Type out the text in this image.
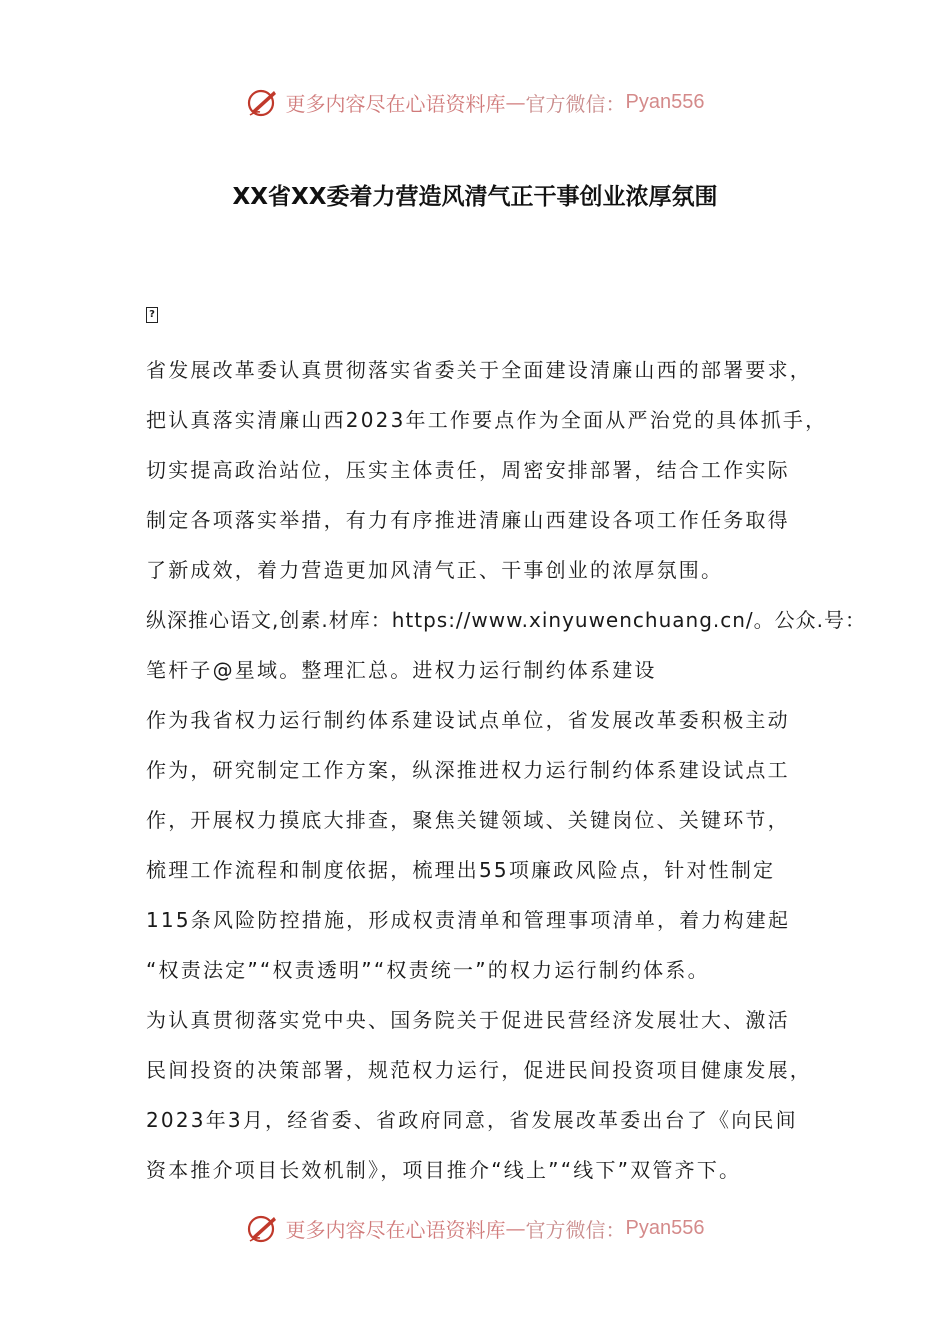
更多内容尽在心语资料库 — 官方微信： Pyan556
XX省XX委着力营造风清气正干事创业浓厚氛围
?
省发展改革委认真贯彻落实省委关于全面建设清廉山西的部署要求，
把认真落实清廉山西2023年工作要点作为全面从严治党的具体抓手，
切实提高政治站位，压实主体责任，周密安排部署，结合工作实际
制定各项落实举措，有力有序推进清廉山西建设各项工作任务取得
了新成效，着力营造更加风清气正、干事创业的浓厚氛围。
纵深推心语文,创素.材库：https://www.xinyuwenchuang.cn/。公众.号：
笔杆子@星域。整理汇总。进权力运行制约体系建设
作为我省权力运行制约体系建设试点单位，省发展改革委积极主动
作为，研究制定工作方案，纵深推进权力运行制约体系建设试点工
作，开展权力摸底大排查，聚焦关键领域、关键岗位、关键环节，
梳理工作流程和制度依据，梳理出55项廉政风险点，针对性制定
115条风险防控措施，形成权责清单和管理事项清单，着力构建起
“权责法定”“权责透明”“权责统一”的权力运行制约体系。
为认真贯彻落实党中央、国务院关于促进民营经济发展壮大、激活
民间投资的决策部署，规范权力运行，促进民间投资项目健康发展，
2023年3月，经省委、省政府同意，省发展改革委出台了《向民间
资本推介项目长效机制》，项目推介“线上”“线下”双管齐下。
更多内容尽在心语资料库 — 官方微信： Pyan556
